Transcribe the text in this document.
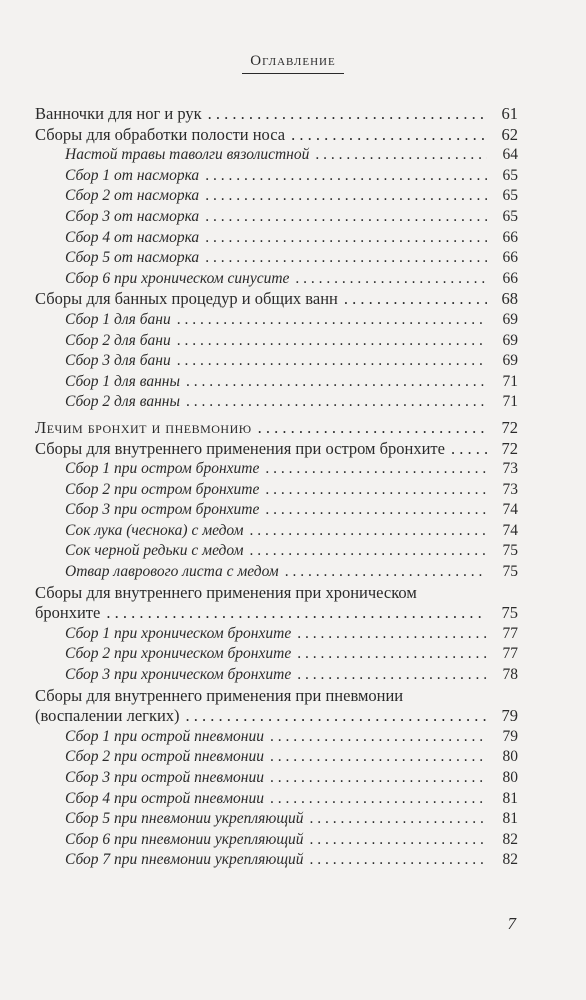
Оглавление
Ванночки для ног и рук . . .	61
Сборы для обработки полости носа . . .	62
Настой травы таволги вязолистной . . .	64
Сбор 1 от насморка . . .	65
Сбор 2 от насморка . . .	65
Сбор 3 от насморка . . .	65
Сбор 4 от насморка . . .	66
Сбор 5 от насморка . . .	66
Сбор 6 при хроническом синусите . . .	66
Сборы для банных процедур и общих ванн . . .	68
Сбор 1 для бани . . .	69
Сбор 2 для бани . . .	69
Сбор 3 для бани . . .	69
Сбор 1 для ванны . . .	71
Сбор 2 для ванны . . .	71
Лечим бронхит и пневмонию . . .	72
Сборы для внутреннего применения при остром бронхите . . .	72
Сбор 1 при остром бронхите . . .	73
Сбор 2 при остром бронхите . . .	73
Сбор 3 при остром бронхите . . .	74
Сок лука (чеснока) с медом . . .	74
Сок черной редьки с медом . . .	75
Отвар лаврового листа с медом . . .	75
Сборы для внутреннего применения при хроническом
бронхите . . .	75
Сбор 1 при хроническом бронхите . . .	77
Сбор 2 при хроническом бронхите . . .	77
Сбор 3 при хроническом бронхите . . .	78
Сборы для внутреннего применения при пневмонии
(воспалении легких) . . .	79
Сбор 1 при острой пневмонии . . .	79
Сбор 2 при острой пневмонии . . .	80
Сбор 3 при острой пневмонии . . .	80
Сбор 4 при острой пневмонии . . .	81
Сбор 5 при пневмонии укрепляющий . . .	81
Сбор 6 при пневмонии укрепляющий . . .	82
Сбор 7 при пневмонии укрепляющий . . .	82
7
